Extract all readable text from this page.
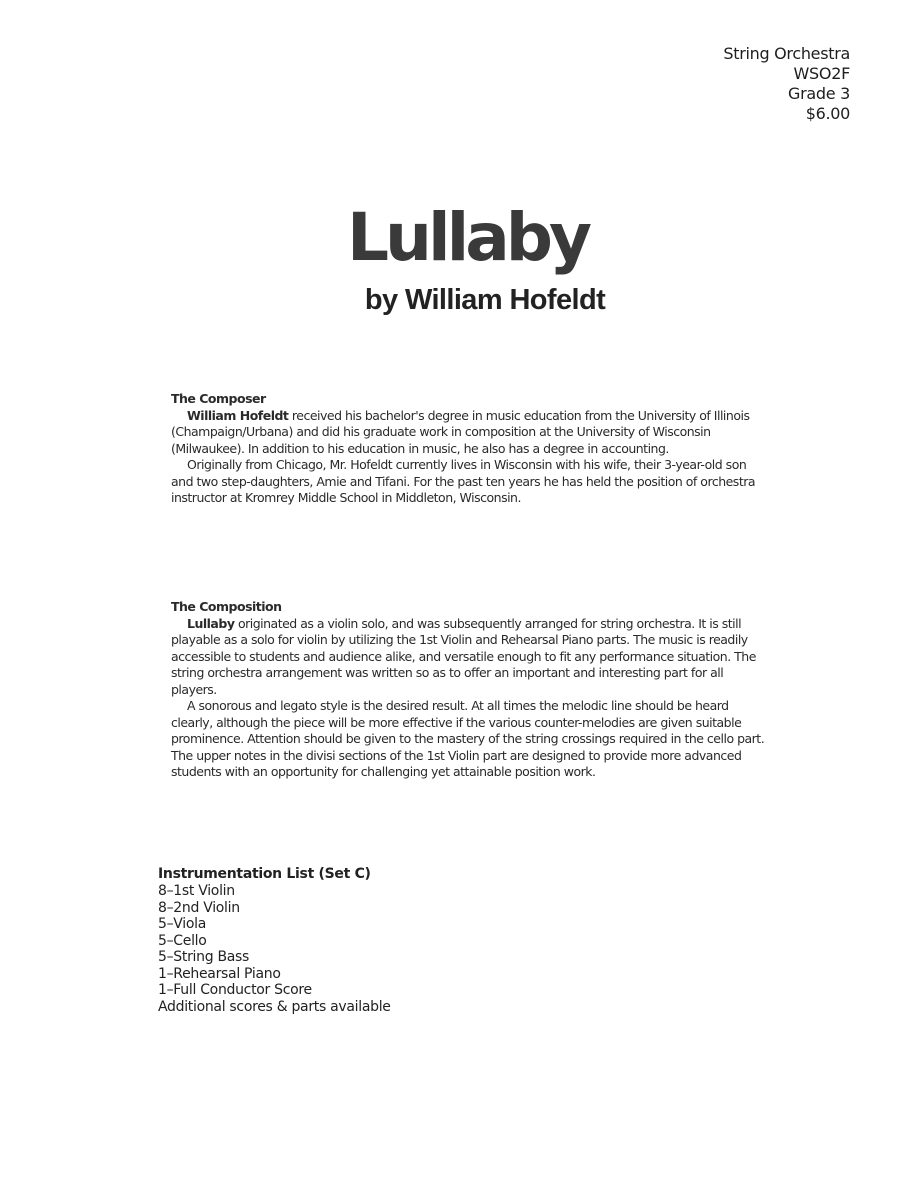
String Orchestra
WSO2F
Grade 3
$6.00
Lullaby
by William Hofeldt
The Composer

William Hofeldt received his bachelor's degree in music education from the University of Illinois (Champaign/Urbana) and did his graduate work in composition at the University of Wisconsin (Milwaukee). In addition to his education in music, he also has a degree in accounting.

Originally from Chicago, Mr. Hofeldt currently lives in Wisconsin with his wife, their 3-year-old son and two step-daughters, Amie and Tifani. For the past ten years he has held the position of orchestra instructor at Kromrey Middle School in Middleton, Wisconsin.

The Composition

Lullaby originated as a violin solo, and was subsequently arranged for string orchestra. It is still playable as a solo for violin by utilizing the 1st Violin and Rehearsal Piano parts. The music is readily accessible to students and audience alike, and versatile enough to fit any performance situation. The string orchestra arrangement was written so as to offer an important and interesting part for all players.

A sonorous and legato style is the desired result. At all times the melodic line should be heard clearly, although the piece will be more effective if the various counter-melodies are given suitable prominence. Attention should be given to the mastery of the string crossings required in the cello part. The upper notes in the divisi sections of the 1st Violin part are designed to provide more advanced students with an opportunity for challenging yet attainable position work.

Instrumentation List (Set C)
8–1st Violin
8–2nd Violin
5–Viola
5–Cello
5–String Bass
1–Rehearsal Piano
1–Full Conductor Score
Additional scores & parts available
